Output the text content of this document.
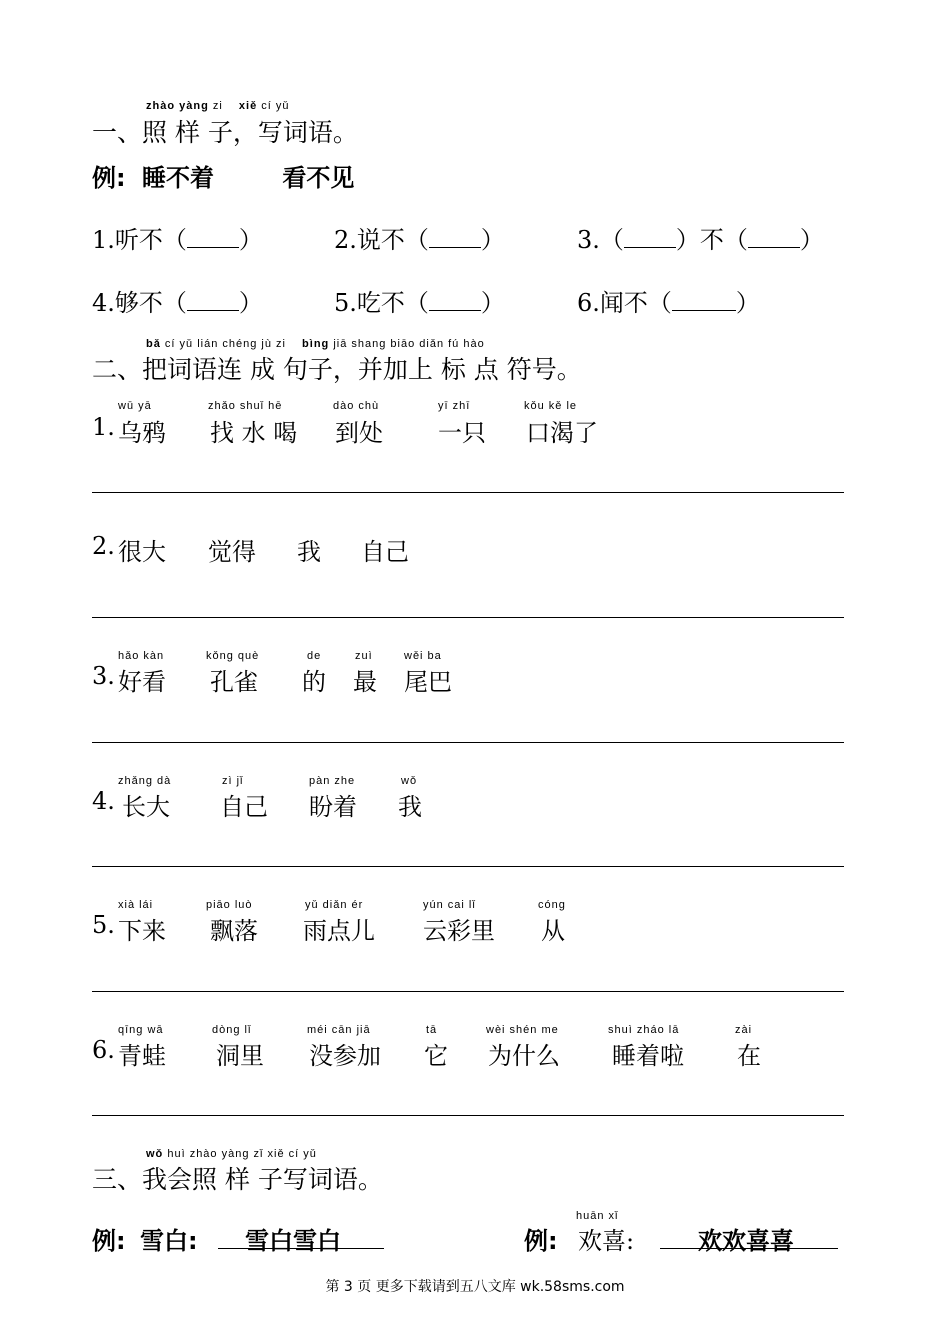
zhào yàng zi xiě cí yǔ
一、照 样 子，写词语。
例: 睡不着	看不见
1.听不（ ）	2.说不（ ）	3.（ ）不（ ）
4.够不（ ）	5.吃不（ ）	6.闻不（	）
bǎ cí yǔ lián chéng jù zi bìng jiā shang biāo diǎn fú hào
二、把词语连 成 句子，并加上 标 点 符号。
1.
wū yā
乌鸦
zhǎo shuǐ hē
找 水 喝
dào chù
到处
yī zhī
一只
kǒu kě le
口渴了
2. 很大 觉得 我 自己
3.
hǎo kàn
好看
kǒng què
孔雀
de
的
zuì
最
wěi ba
尾巴
4.
zhǎng dà
长大
zì jǐ
自己
pàn zhe
盼着
wǒ
我
5.
xià lái
下来
piāo luò
飘落
yǔ diǎn ér
雨点儿
yún cai lǐ
云彩里
cóng
从
6.
qīng wā
青蛙
dòng lǐ
洞里
méi cān jiā
没参加
tā
它
wèi shén me
为什么
shuì zháo lā
睡着啦
zài
在
wǒ huì zhào yàng zǐ xiě cí yǔ
三、我会照 样 子写词语。
例: 雪白: 雪白雪白
huān xǐ
例: 欢喜:	欢欢喜喜
第 3 页 更多下载请到五八文库 wk.58sms.com
